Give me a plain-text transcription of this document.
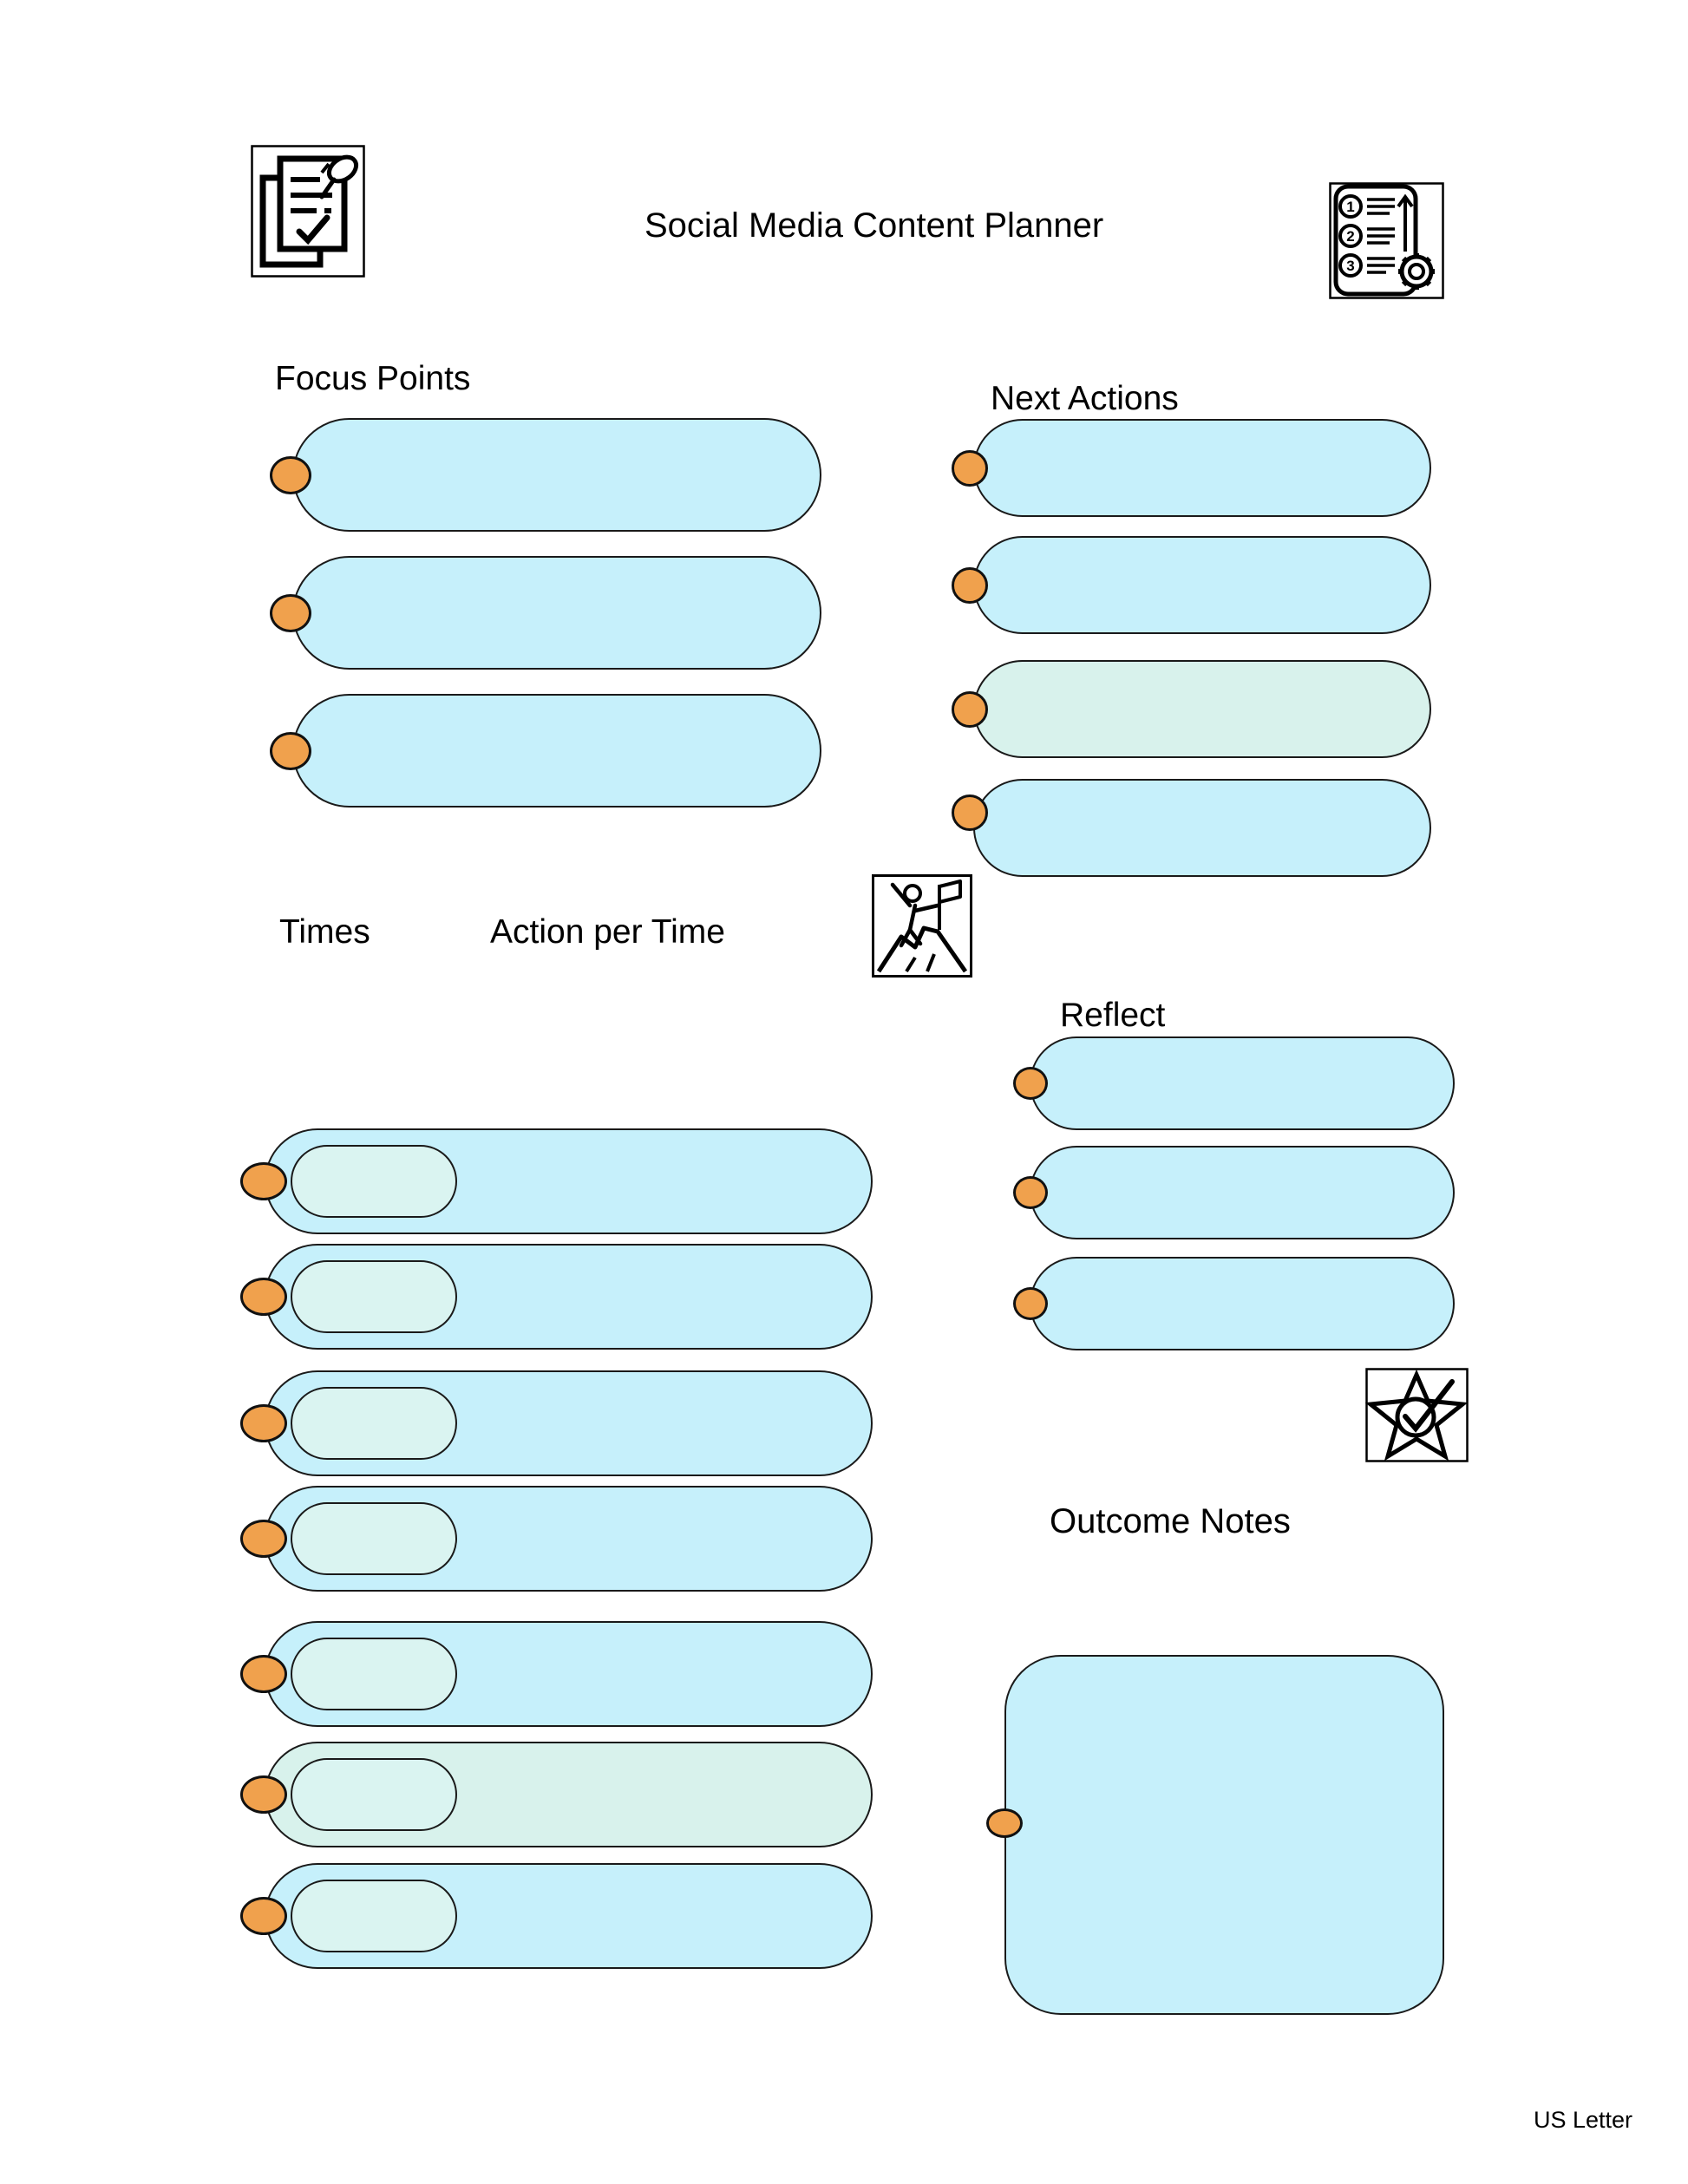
Social Media Content Planner	1
2
3
Focus Points
Next Actions
Times	Action per Time
Reflect
Outcome Notes
US Letter
